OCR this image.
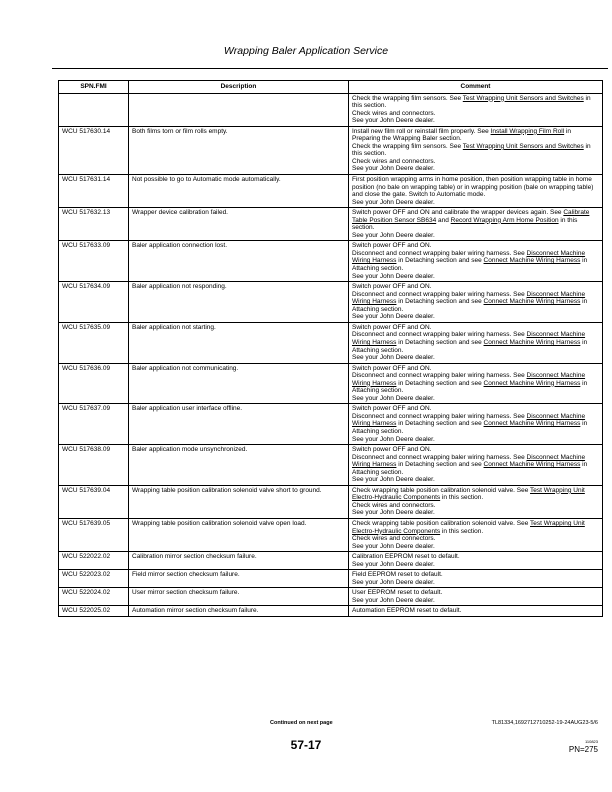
Wrapping Baler Application Service
SPN.FMI	Description	Comment
		Check the wrapping film sensors. See Test Wrapping Unit Sensors and Switches in this section.
Check wires and connectors.
See your John Deere dealer.
WCU 517630.14	Both films torn or film rolls empty.	Install new film roll or reinstall film properly. See Install Wrapping Film Roll in Preparing the Wrapping Baler section.
Check the wrapping film sensors. See Test Wrapping Unit Sensors and Switches in this section.
Check wires and connectors.
See your John Deere dealer.
WCU 517631.14	Not possible to go to Automatic mode automatically.	First position wrapping arms in home position, then position wrapping table in home position (no bale on wrapping table) or in wrapping position (bale on wrapping table) and close the gate. Switch to Automatic mode.
See your John Deere dealer.
WCU 517632.13	Wrapper device calibration failed.	Switch power OFF and ON and calibrate the wrapper devices again. See Calibrate Table Position Sensor SB634 and Record Wrapping Arm Home Position in this section.
See your John Deere dealer.
WCU 517633.09	Baler application connection lost.	Switch power OFF and ON.
Disconnect and connect wrapping baler wiring harness. See Disconnect Machine Wiring Harness in Detaching section and see Connect Machine Wiring Harness in Attaching section.
See your John Deere dealer.
WCU 517634.09	Baler application not responding.	Switch power OFF and ON.
Disconnect and connect wrapping baler wiring harness. See Disconnect Machine Wiring Harness in Detaching section and see Connect Machine Wiring Harness in Attaching section.
See your John Deere dealer.
WCU 517635.09	Baler application not starting.	Switch power OFF and ON.
Disconnect and connect wrapping baler wiring harness. See Disconnect Machine Wiring Harness in Detaching section and see Connect Machine Wiring Harness in Attaching section.
See your John Deere dealer.
WCU 517636.09	Baler application not communicating.	Switch power OFF and ON.
Disconnect and connect wrapping baler wiring harness. See Disconnect Machine Wiring Harness in Detaching section and see Connect Machine Wiring Harness in Attaching section.
See your John Deere dealer.
WCU 517637.09	Baler application user interface offline.	Switch power OFF and ON.
Disconnect and connect wrapping baler wiring harness. See Disconnect Machine Wiring Harness in Detaching section and see Connect Machine Wiring Harness in Attaching section.
See your John Deere dealer.
WCU 517638.09	Baler application mode unsynchronized.	Switch power OFF and ON.
Disconnect and connect wrapping baler wiring harness. See Disconnect Machine Wiring Harness in Detaching section and see Connect Machine Wiring Harness in Attaching section.
See your John Deere dealer.
WCU 517639.04	Wrapping table position calibration solenoid valve short to ground.	Check wrapping table position calibration solenoid valve. See Test Wrapping Unit Electro-Hydraulic Components in this section.
Check wires and connectors.
See your John Deere dealer.
WCU 517639.05	Wrapping table position calibration solenoid valve open load.	Check wrapping table position calibration solenoid valve. See Test Wrapping Unit Electro-Hydraulic Components in this section.
Check wires and connectors.
See your John Deere dealer.
WCU 522022.02	Calibration mirror section checksum failure.	Calibration EEPROM reset to default.
See your John Deere dealer.
WCU 522023.02	Field mirror section checksum failure.	Field EEPROM reset to default.
See your John Deere dealer.
WCU 522024.02	User mirror section checksum failure.	User EEPROM reset to default.
See your John Deere dealer.
WCU 522025.02	Automation mirror section checksum failure.	Automation EEPROM reset to default.
Continued on next page	TL81334,1692712710252-19-24AUG23-5/6
57-17	110823
PN=275
